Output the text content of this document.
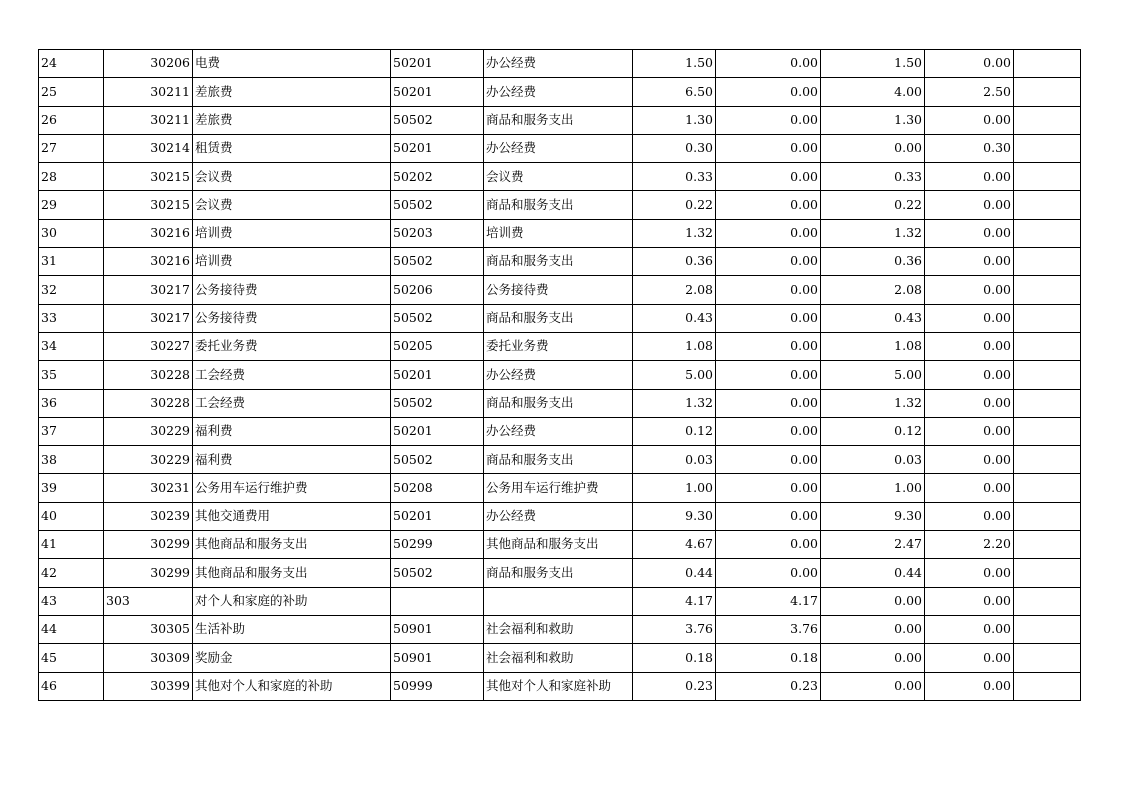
24	30206	电费	50201	办公经费	1.50	0.00	1.50	0.00	
25	30211	差旅费	50201	办公经费	6.50	0.00	4.00	2.50	
26	30211	差旅费	50502	商品和服务支出	1.30	0.00	1.30	0.00	
27	30214	租赁费	50201	办公经费	0.30	0.00	0.00	0.30	
28	30215	会议费	50202	会议费	0.33	0.00	0.33	0.00	
29	30215	会议费	50502	商品和服务支出	0.22	0.00	0.22	0.00	
30	30216	培训费	50203	培训费	1.32	0.00	1.32	0.00	
31	30216	培训费	50502	商品和服务支出	0.36	0.00	0.36	0.00	
32	30217	公务接待费	50206	公务接待费	2.08	0.00	2.08	0.00	
33	30217	公务接待费	50502	商品和服务支出	0.43	0.00	0.43	0.00	
34	30227	委托业务费	50205	委托业务费	1.08	0.00	1.08	0.00	
35	30228	工会经费	50201	办公经费	5.00	0.00	5.00	0.00	
36	30228	工会经费	50502	商品和服务支出	1.32	0.00	1.32	0.00	
37	30229	福利费	50201	办公经费	0.12	0.00	0.12	0.00	
38	30229	福利费	50502	商品和服务支出	0.03	0.00	0.03	0.00	
39	30231	公务用车运行维护费	50208	公务用车运行维护费	1.00	0.00	1.00	0.00	
40	30239	其他交通费用	50201	办公经费	9.30	0.00	9.30	0.00	
41	30299	其他商品和服务支出	50299	其他商品和服务支出	4.67	0.00	2.47	2.20	
42	30299	其他商品和服务支出	50502	商品和服务支出	0.44	0.00	0.44	0.00	
43	303	对个人和家庭的补助			4.17	4.17	0.00	0.00	
44	30305	生活补助	50901	社会福利和救助	3.76	3.76	0.00	0.00	
45	30309	奖励金	50901	社会福利和救助	0.18	0.18	0.00	0.00	
46	30399	其他对个人和家庭的补助	50999	其他对个人和家庭补助	0.23	0.23	0.00	0.00	
